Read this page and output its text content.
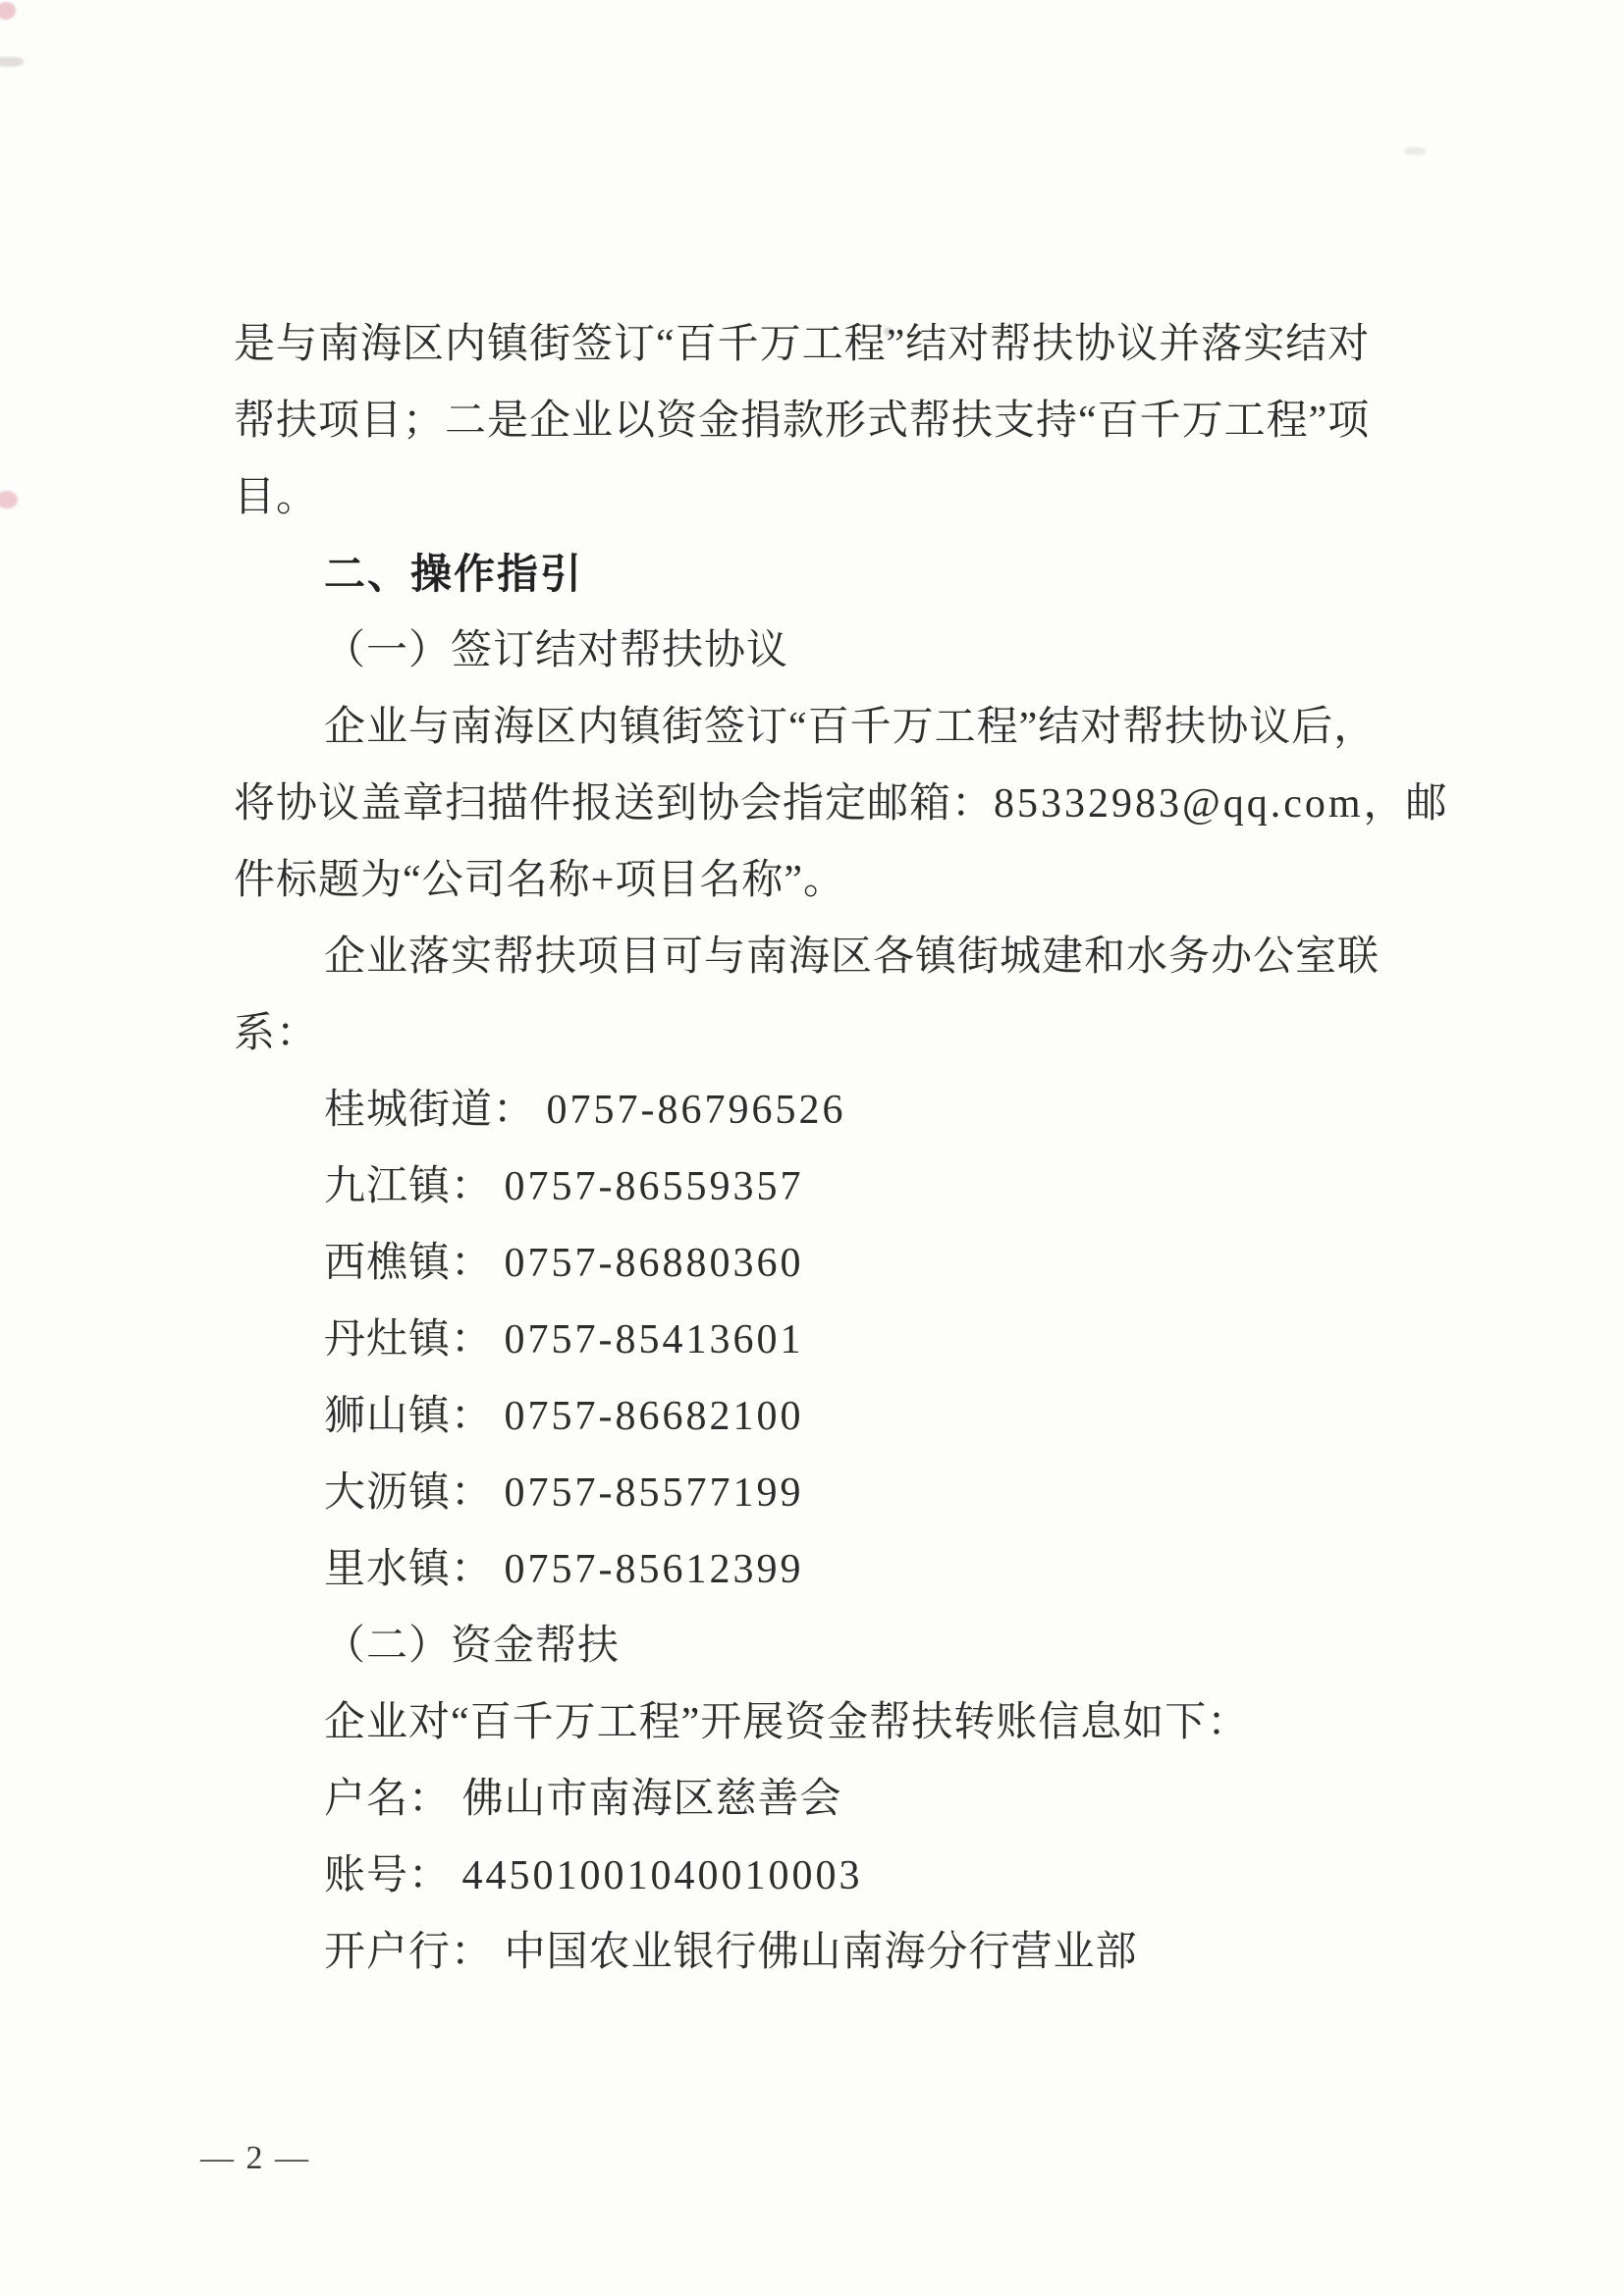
是与南海区内镇街签订“百千万工程”结对帮扶协议并落实结对
帮扶项目；二是企业以资金捐款形式帮扶支持“百千万工程”项
目。
二、操作指引
（一）签订结对帮扶协议
企业与南海区内镇街签订“百千万工程”结对帮扶协议后，
将协议盖章扫描件报送到协会指定邮箱：85332983@qq.com，邮
件标题为“公司名称+项目名称”。
企业落实帮扶项目可与南海区各镇街城建和水务办公室联
系：
桂城街道： 0757-86796526
九江镇： 0757-86559357
西樵镇： 0757-86880360
丹灶镇： 0757-85413601
狮山镇： 0757-86682100
大沥镇： 0757-85577199
里水镇： 0757-85612399
（二）资金帮扶
企业对“百千万工程”开展资金帮扶转账信息如下：
户名： 佛山市南海区慈善会
账号： 44501001040010003
开户行： 中国农业银行佛山南海分行营业部
— 2 —
